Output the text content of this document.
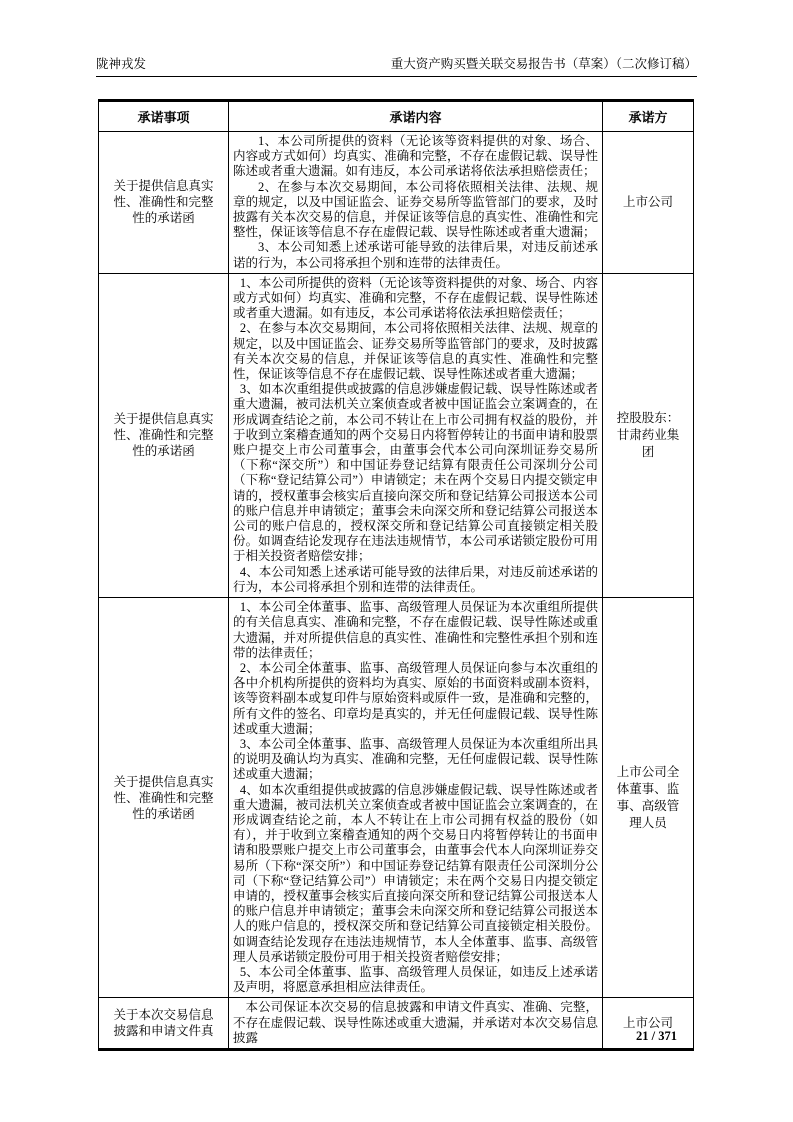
陇神戎发	重大资产购买暨关联交易报告书（草案）（二次修订稿）
承诺事项	承诺内容	承诺方
关于提供信息真实性、准确性和完整性的承诺函	1、本公司所提供的资料（无论该等资料提供的对象、场合、内容或方式如何）均真实、准确和完整，不存在虚假记载、误导性陈述或者重大遗漏。如有违反，本公司承诺将依法承担赔偿责任；

2、在参与本次交易期间，本公司将依照相关法律、法规、规章的规定，以及中国证监会、证券交易所等监管部门的要求，及时披露有关本次交易的信息，并保证该等信息的真实性、准确性和完整性，保证该等信息不存在虚假记载、误导性陈述或者重大遗漏；

3、本公司知悉上述承诺可能导致的法律后果，对违反前述承诺的行为，本公司将承担个别和连带的法律责任。	上市公司
关于提供信息真实性、准确性和完整性的承诺函	1、本公司所提供的资料（无论该等资料提供的对象、场合、内容或方式如何）均真实、准确和完整，不存在虚假记载、误导性陈述或者重大遗漏。如有违反，本公司承诺将依法承担赔偿责任；

2、在参与本次交易期间，本公司将依照相关法律、法规、规章的规定，以及中国证监会、证券交易所等监管部门的要求，及时披露有关本次交易的信息，并保证该等信息的真实性、准确性和完整性，保证该等信息不存在虚假记载、误导性陈述或者重大遗漏；

3、如本次重组提供或披露的信息涉嫌虚假记载、误导性陈述或者重大遗漏，被司法机关立案侦查或者被中国证监会立案调查的，在形成调查结论之前，本公司不转让在上市公司拥有权益的股份，并于收到立案稽查通知的两个交易日内将暂停转让的书面申请和股票账户提交上市公司董事会，由董事会代本公司向深圳证券交易所（下称“深交所”）和中国证券登记结算有限责任公司深圳分公司（下称“登记结算公司”）申请锁定；未在两个交易日内提交锁定申请的，授权董事会核实后直接向深交所和登记结算公司报送本公司的账户信息并申请锁定；董事会未向深交所和登记结算公司报送本公司的账户信息的，授权深交所和登记结算公司直接锁定相关股份。如调查结论发现存在违法违规情节，本公司承诺锁定股份可用于相关投资者赔偿安排；

4、本公司知悉上述承诺可能导致的法律后果，对违反前述承诺的行为，本公司将承担个别和连带的法律责任。	控股股东：甘肃药业集团
关于提供信息真实性、准确性和完整性的承诺函	1、本公司全体董事、监事、高级管理人员保证为本次重组所提供的有关信息真实、准确和完整，不存在虚假记载、误导性陈述或重大遗漏，并对所提供信息的真实性、准确性和完整性承担个别和连带的法律责任；

2、本公司全体董事、监事、高级管理人员保证向参与本次重组的各中介机构所提供的资料均为真实、原始的书面资料或副本资料，该等资料副本或复印件与原始资料或原件一致，是准确和完整的，所有文件的签名、印章均是真实的，并无任何虚假记载、误导性陈述或重大遗漏；

3、本公司全体董事、监事、高级管理人员保证为本次重组所出具的说明及确认均为真实、准确和完整，无任何虚假记载、误导性陈述或重大遗漏；

4、如本次重组提供或披露的信息涉嫌虚假记载、误导性陈述或者重大遗漏，被司法机关立案侦查或者被中国证监会立案调查的，在形成调查结论之前，本人不转让在上市公司拥有权益的股份（如有），并于收到立案稽查通知的两个交易日内将暂停转让的书面申请和股票账户提交上市公司董事会，由董事会代本人向深圳证券交易所（下称“深交所”）和中国证券登记结算有限责任公司深圳分公司（下称“登记结算公司”）申请锁定；未在两个交易日内提交锁定申请的，授权董事会核实后直接向深交所和登记结算公司报送本人的账户信息并申请锁定；董事会未向深交所和登记结算公司报送本人的账户信息的，授权深交所和登记结算公司直接锁定相关股份。如调查结论发现存在违法违规情节，本人全体董事、监事、高级管理人员承诺锁定股份可用于相关投资者赔偿安排；

5、本公司全体董事、监事、高级管理人员保证，如违反上述承诺及声明，将愿意承担相应法律责任。	上市公司全体董事、监事、高级管理人员
关于本次交易信息披露和申请文件真	本公司保证本次交易的信息披露和申请文件真实、准确、完整，不存在虚假记载、误导性陈述或重大遗漏，并承诺对本次交易信息披露	上市公司
21 / 371
